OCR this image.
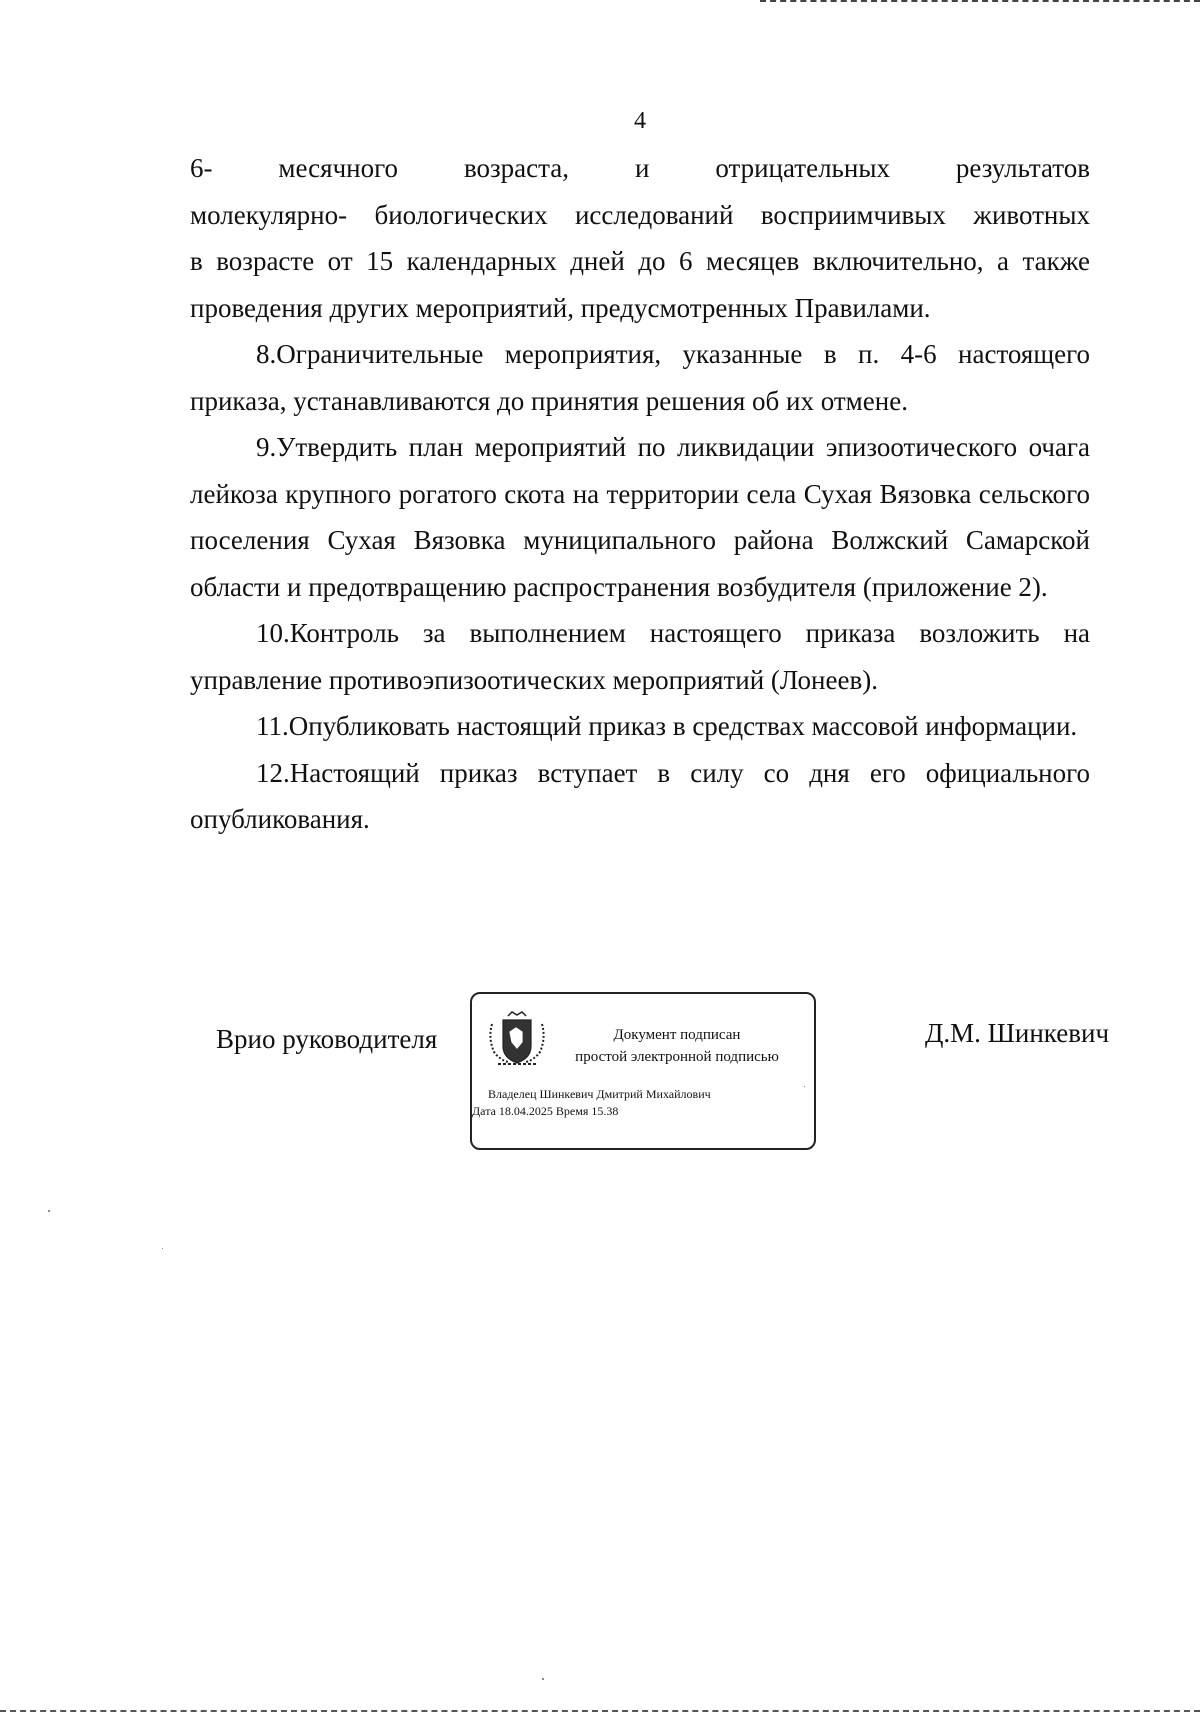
4

6- месячного возраста, и отрицательных результатов
молекулярно- биологических исследований восприимчивых животных
в возрасте от 15 календарных дней до 6 месяцев включительно, а также
проведения других мероприятий, предусмотренных Правилами.

8.Ограничительные мероприятия, указанные в п. 4-6 настоящего приказа, устанавливаются до принятия решения об их отмене.

9.Утвердить план мероприятий по ликвидации эпизоотического очага лейкоза крупного рогатого скота на территории села Сухая Вязовка сельского поселения Сухая Вязовка муниципального района Волжский Самарской области и предотвращению распространения возбудителя (приложение 2).

10.Контроль за выполнением настоящего приказа возложить на управление противоэпизоотических мероприятий (Лонеев).

11.Опубликовать настоящий приказ в средствах массовой информации.

12.Настоящий приказ вступает в силу со дня его официального опубликования.

Врио руководителя	Документ подписан
простой электронной подписью
Владелец Шинкевич Дмитрий Михайлович
Дата 18.04.2025 Время 15.38
Д.М. Шинкевич
